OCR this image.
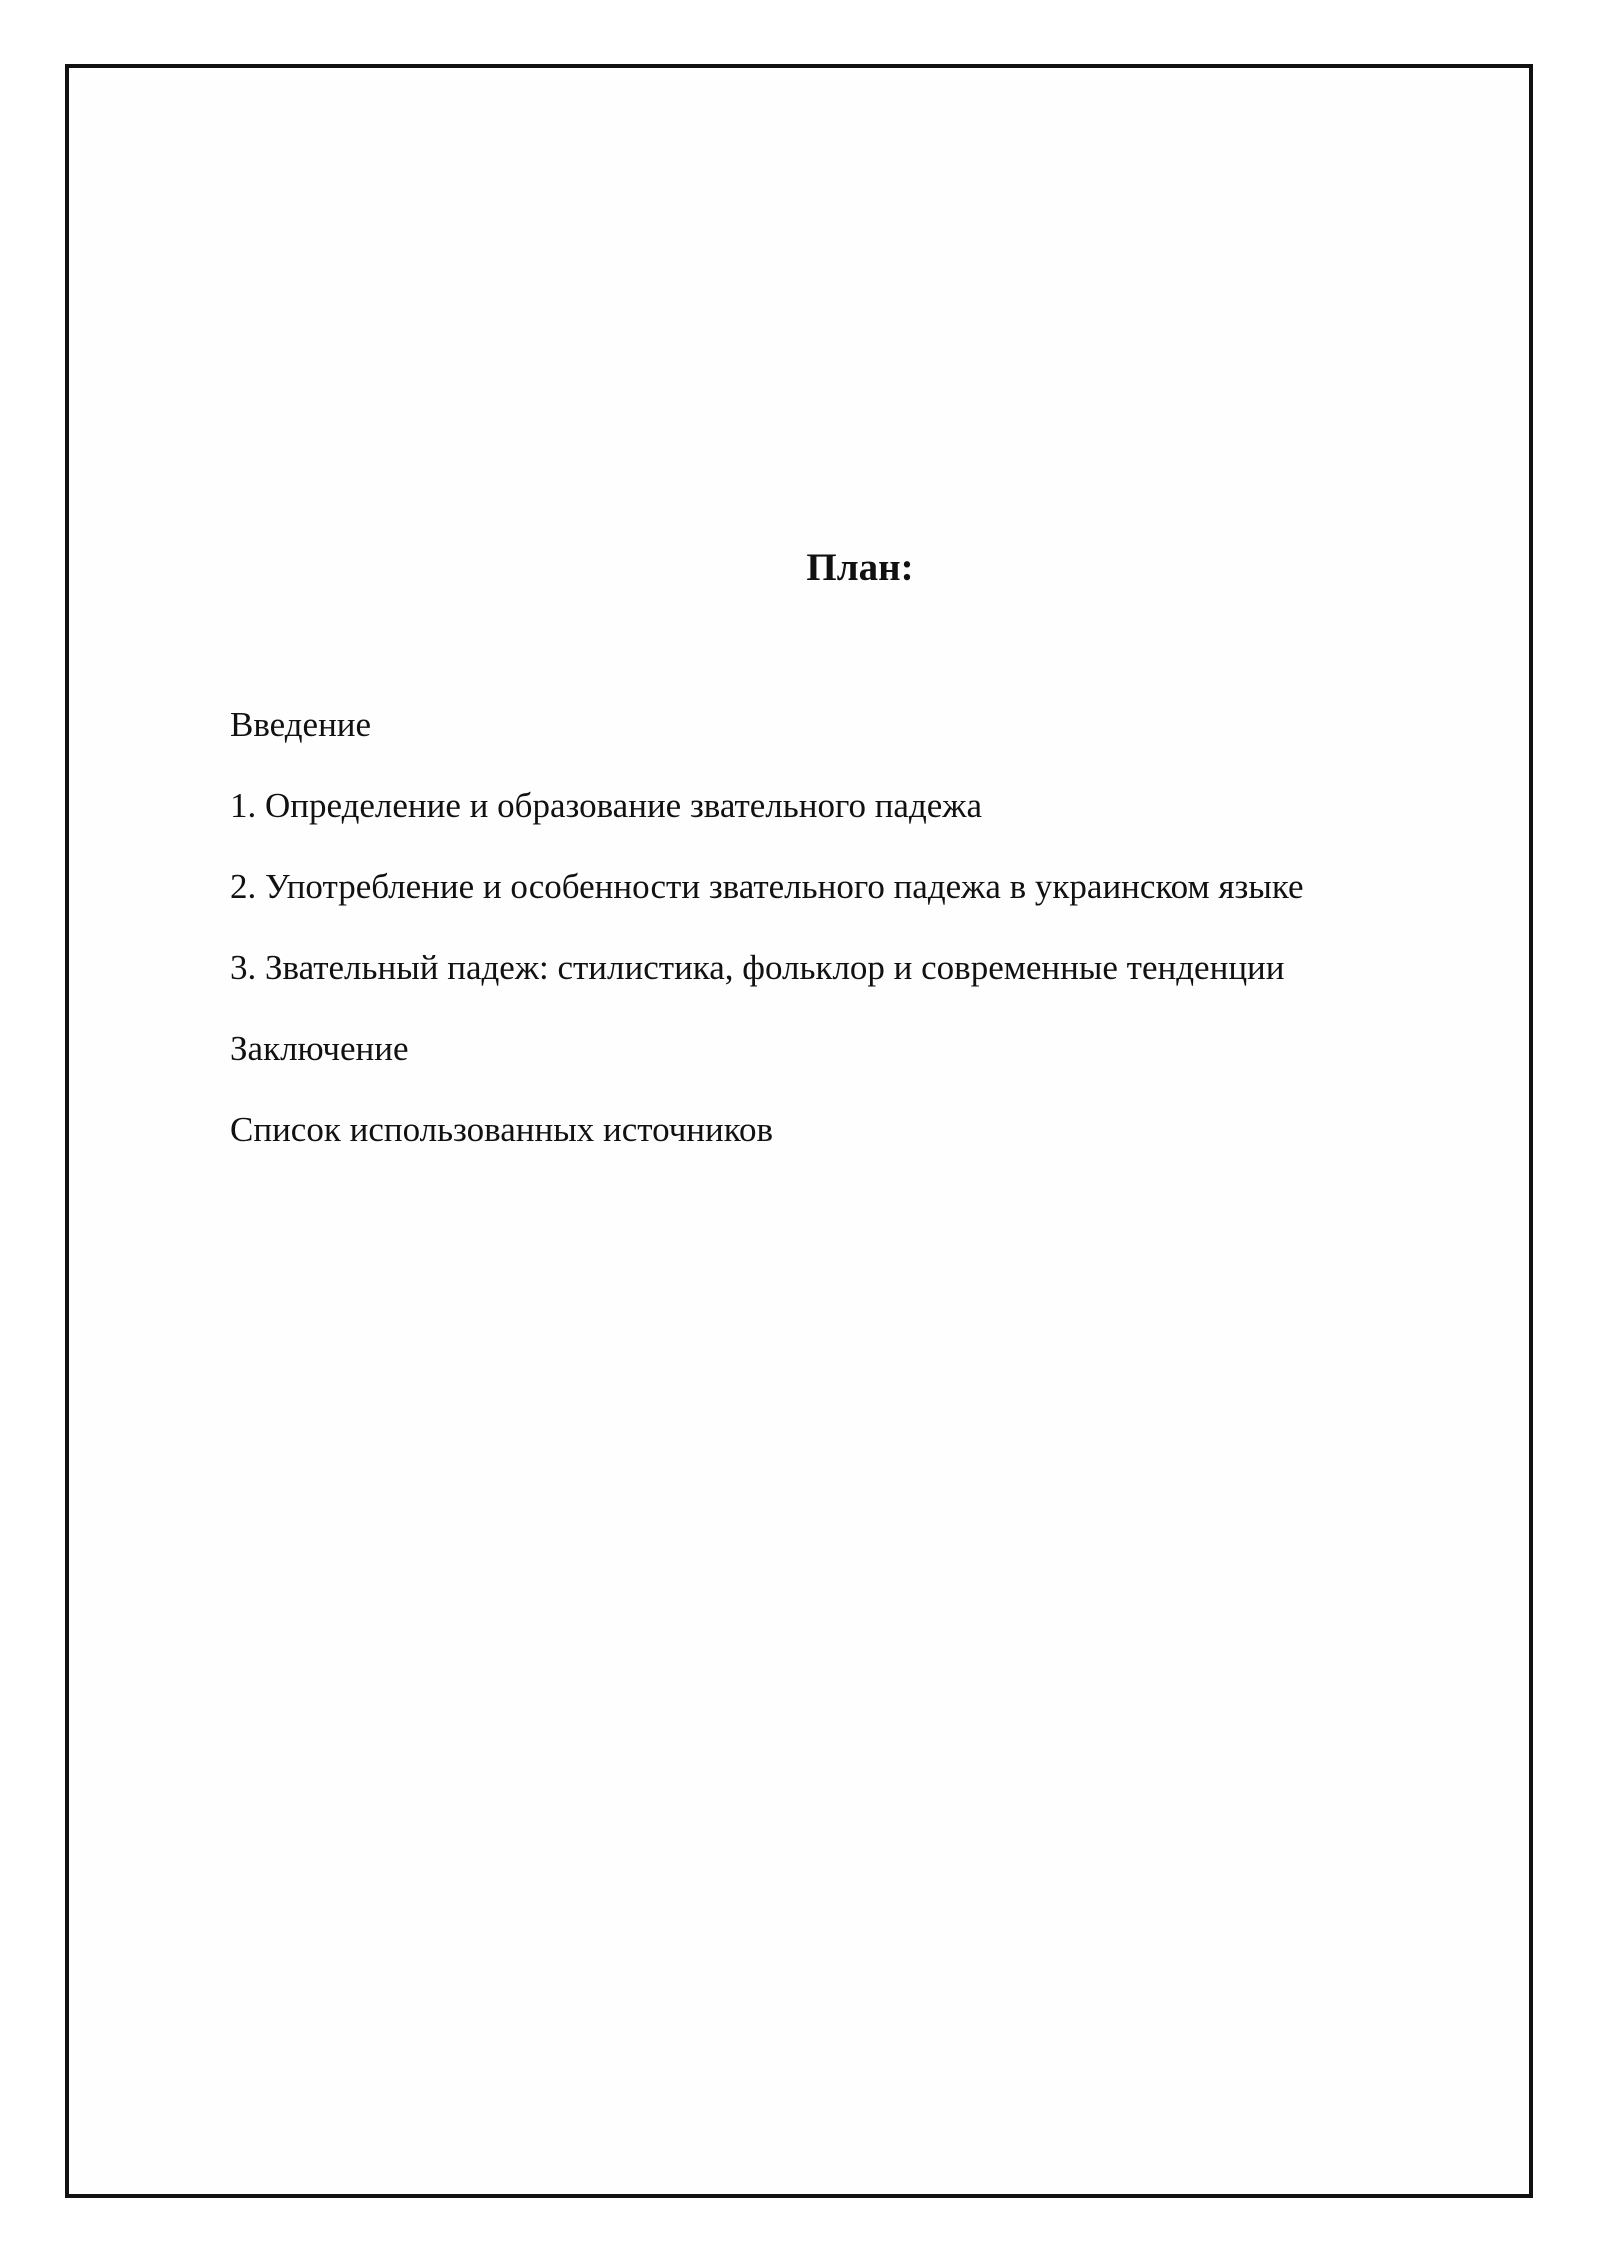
План:
Введение
1. Определение и образование звательного падежа
2. Употребление и особенности звательного падежа в украинском языке
3. Звательный падеж: стилистика, фольклор и современные тенденции
Заключение
Список использованных источников
